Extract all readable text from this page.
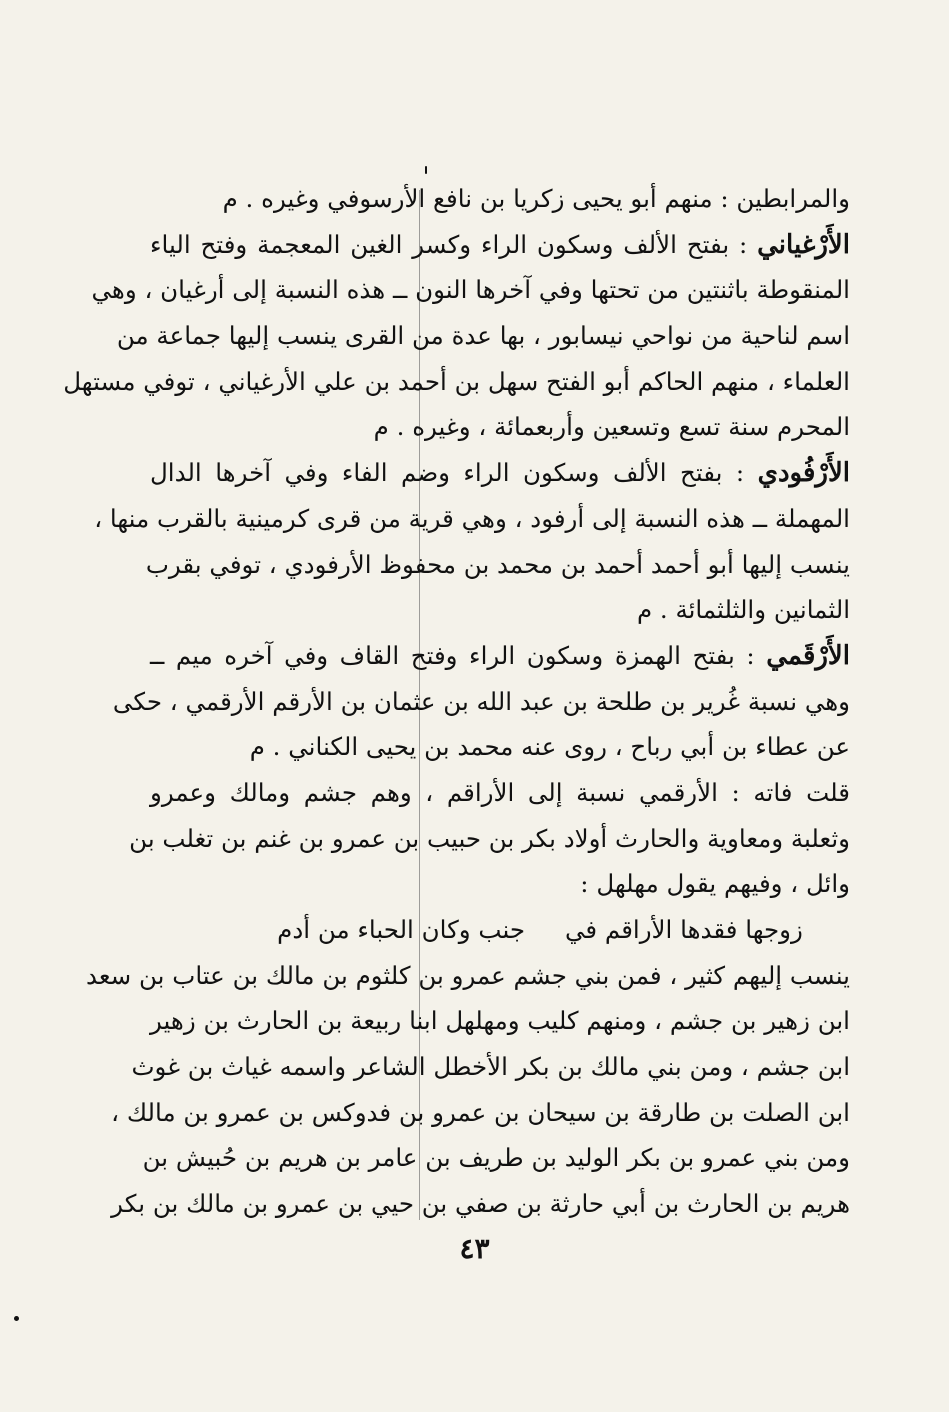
والمرابطين : منهم أبو يحيى زكريا بن نافع الأرسوفي وغيره . م
الأَرْغياني : بفتح الألف وسكون الراء وكسر الغين المعجمة وفتح الياء
المنقوطة باثنتين من تحتها وفي آخرها النون ــ هذه النسبة إلى أرغيان ، وهي
اسم لناحية من نواحي نيسابور ، بها عدة من القرى ينسب إليها جماعة من
العلماء ، منهم الحاكم أبو الفتح سهل بن أحمد بن علي الأرغياني ، توفي مستهل
المحرم سنة تسع وتسعين وأربعمائة ، وغيره . م
الأَرْفُودي : بفتح الألف وسكون الراء وضم الفاء وفي آخرها الدال
المهملة ــ هذه النسبة إلى أرفود ، وهي قرية من قرى كرمينية بالقرب منها ،
ينسب إليها أبو أحمد أحمد بن محمد بن محفوظ الأرفودي ، توفي بقرب
الثمانين والثلثمائة . م
الأَرْقَمي : بفتح الهمزة وسكون الراء وفتح القاف وفي آخره ميم ــ
وهي نسبة غُرير بن طلحة بن عبد الله بن عثمان بن الأرقم الأرقمي ، حكى
عن عطاء بن أبي رباح ، روى عنه محمد بن يحيى الكناني . م
قلت فاته : الأرقمي نسبة إلى الأراقم ، وهم جشم ومالك وعمرو
وثعلبة ومعاوية والحارث أولاد بكر بن حبيب بن عمرو بن غنم بن تغلب بن
وائل ، وفيهم يقول مهلهل :
زوجها فقدها الأراقم في
جنب وكان الحباء من أدم
ينسب إليهم كثير ، فمن بني جشم عمرو بن كلثوم بن مالك بن عتاب بن سعد
ابن زهير بن جشم ، ومنهم كليب ومهلهل ابنا ربيعة بن الحارث بن زهير
ابن جشم ، ومن بني مالك بن بكر الأخطل الشاعر واسمه غياث بن غوث
ابن الصلت بن طارقة بن سيحان بن عمرو بن فدوكس بن عمرو بن مالك ،
ومن بني عمرو بن بكر الوليد بن طريف بن عامر بن هريم بن حُبيش بن
هريم بن الحارث بن أبي حارثة بن صفي بن حيي بن عمرو بن مالك بن بكر
٤٣
